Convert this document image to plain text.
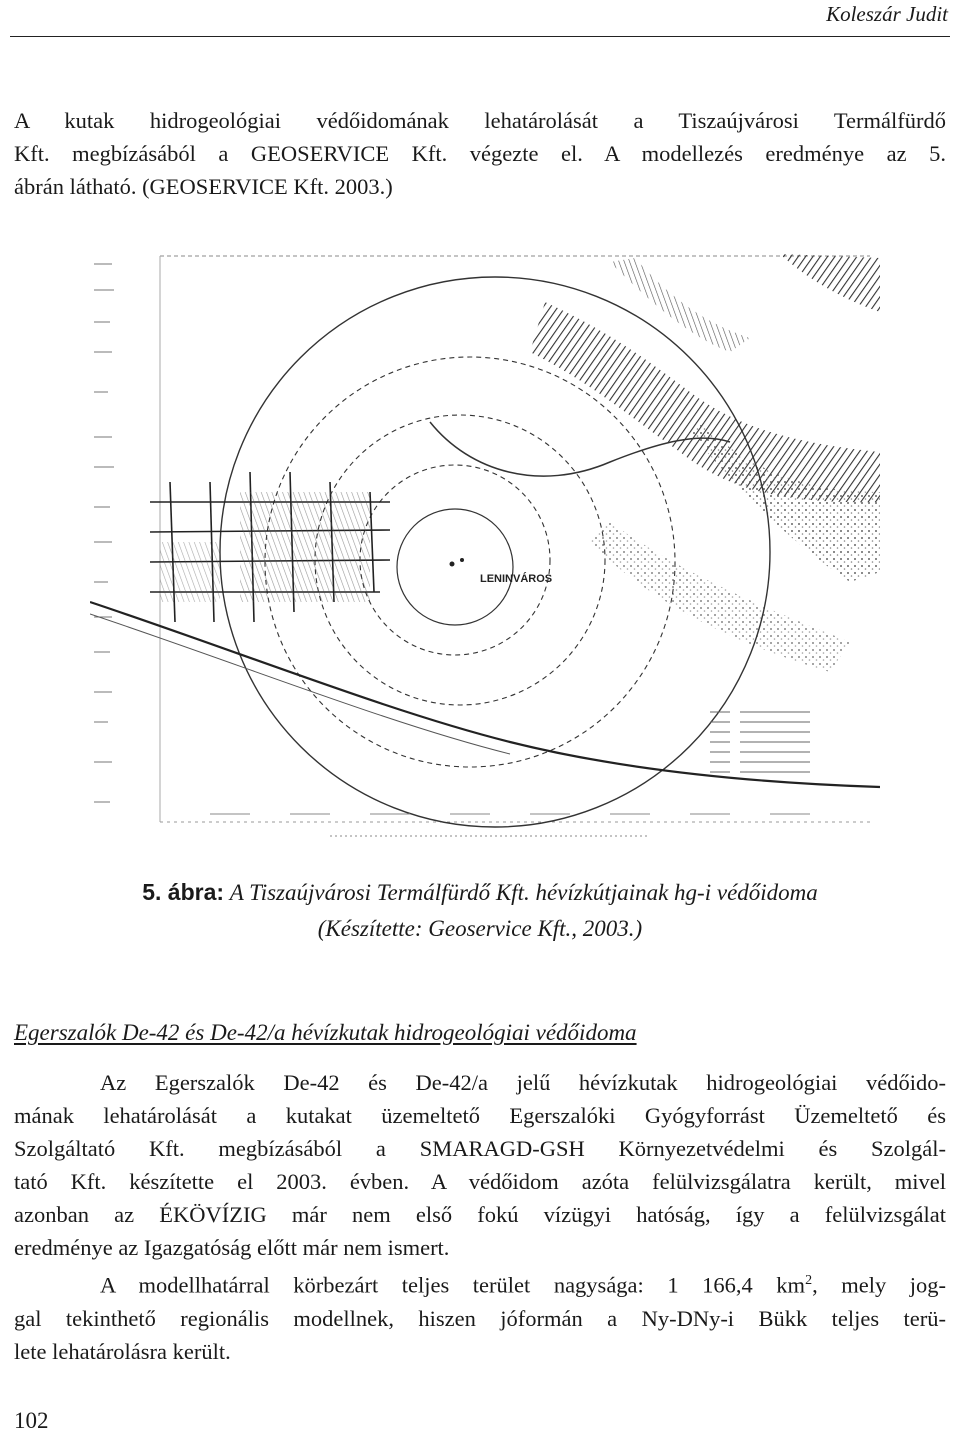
Koleszár Judit
A kutak hidrogeológiai védőidomának lehatárolását a Tiszaújvárosi Termálfürdő
Kft. megbízásából a GEOSERVICE Kft. végezte el. A modellezés eredménye az 5.
ábrán látható. (GEOSERVICE Kft. 2003.)
LENINVÁROS
5. ábra: A Tiszaújvárosi Termálfürdő Kft. hévízkútjainak hg-i védőidoma
(Készítette: Geoservice Kft., 2003.)
Egerszalók De-42 és De-42/a hévízkutak hidrogeológiai védőidoma
Az Egerszalók De-42 és De-42/a jelű hévízkutak hidrogeológiai védőido-
mának lehatárolását a kutakat üzemeltető Egerszalóki Gyógyforrást Üzemeltető és
Szolgáltató Kft. megbízásából a SMARAGD-GSH Környezetvédelmi és Szolgál-
tató Kft. készítette el 2003. évben. A védőidom azóta felülvizsgálatra került, mivel
azonban az ÉKÖVÍZIG már nem első fokú vízügyi hatóság, így a felülvizsgálat
eredménye az Igazgatóság előtt már nem ismert.
A modellhatárral körbezárt teljes terület nagysága: 1 166,4 $km^2$, mely jog-
gal tekinthető regionális modellnek, hiszen jóformán a Ny-DNy-i Bükk teljes terü-
lete lehatárolásra került.
102
